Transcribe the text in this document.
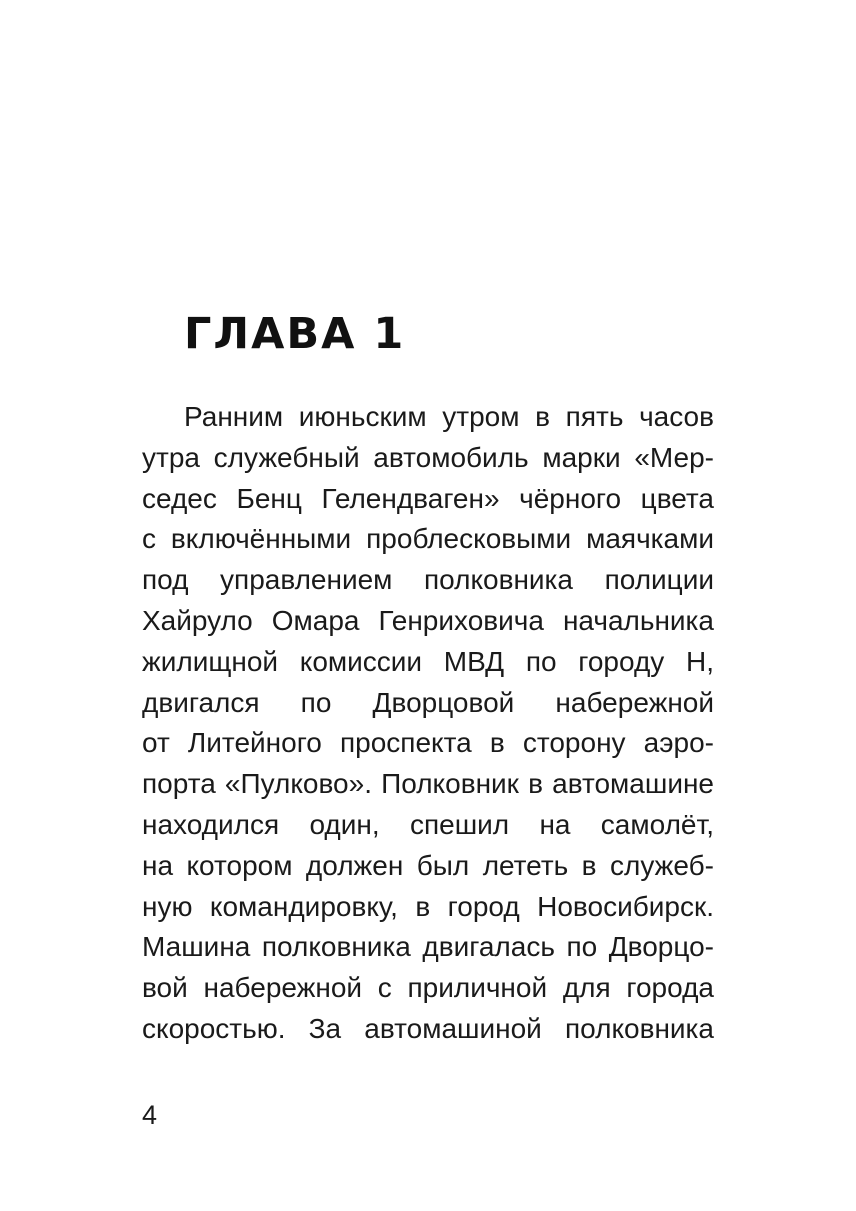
ГЛАВА 1
Ранним июньским утром в пять часов
утра служебный автомобиль марки «Мер-
седес Бенц Гелендваген» чёрного цвета
с включёнными проблесковыми маячками
под управлением полковника полиции
Хайруло Омара Генриховича начальника
жилищной комиссии МВД по городу Н,
двигался по Дворцовой набережной
от Литейного проспекта в сторону аэро-
порта «Пулково». Полковник в автомашине
находился один, спешил на самолёт,
на котором должен был лететь в служеб-
ную командировку, в город Новосибирск.
Машина полковника двигалась по Дворцо-
вой набережной с приличной для города
скоростью. За автомашиной полковника

4
